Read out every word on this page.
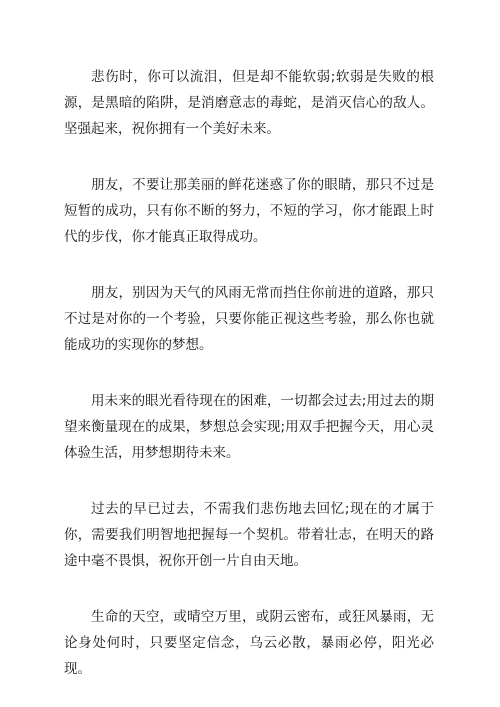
悲伤时，你可以流泪，但是却不能软弱;软弱是失败的根源，是黑暗的陷阱，是消磨意志的毒蛇，是消灭信心的敌人。坚强起来，祝你拥有一个美好未来。

朋友，不要让那美丽的鲜花迷惑了你的眼睛，那只不过是短暂的成功，只有你不断的努力，不短的学习，你才能跟上时代的步伐，你才能真正取得成功。

朋友，别因为天气的风雨无常而挡住你前进的道路，那只不过是对你的一个考验，只要你能正视这些考验，那么你也就能成功的实现你的梦想。

用未来的眼光看待现在的困难，一切都会过去;用过去的期望来衡量现在的成果，梦想总会实现;用双手把握今天，用心灵体验生活，用梦想期待未来。

过去的早已过去，不需我们悲伤地去回忆;现在的才属于你，需要我们明智地把握每一个契机。带着壮志，在明天的路途中毫不畏惧，祝你开创一片自由天地。

生命的天空，或晴空万里，或阴云密布，或狂风暴雨，无论身处何时，只要坚定信念，乌云必散，暴雨必停，阳光必现。
